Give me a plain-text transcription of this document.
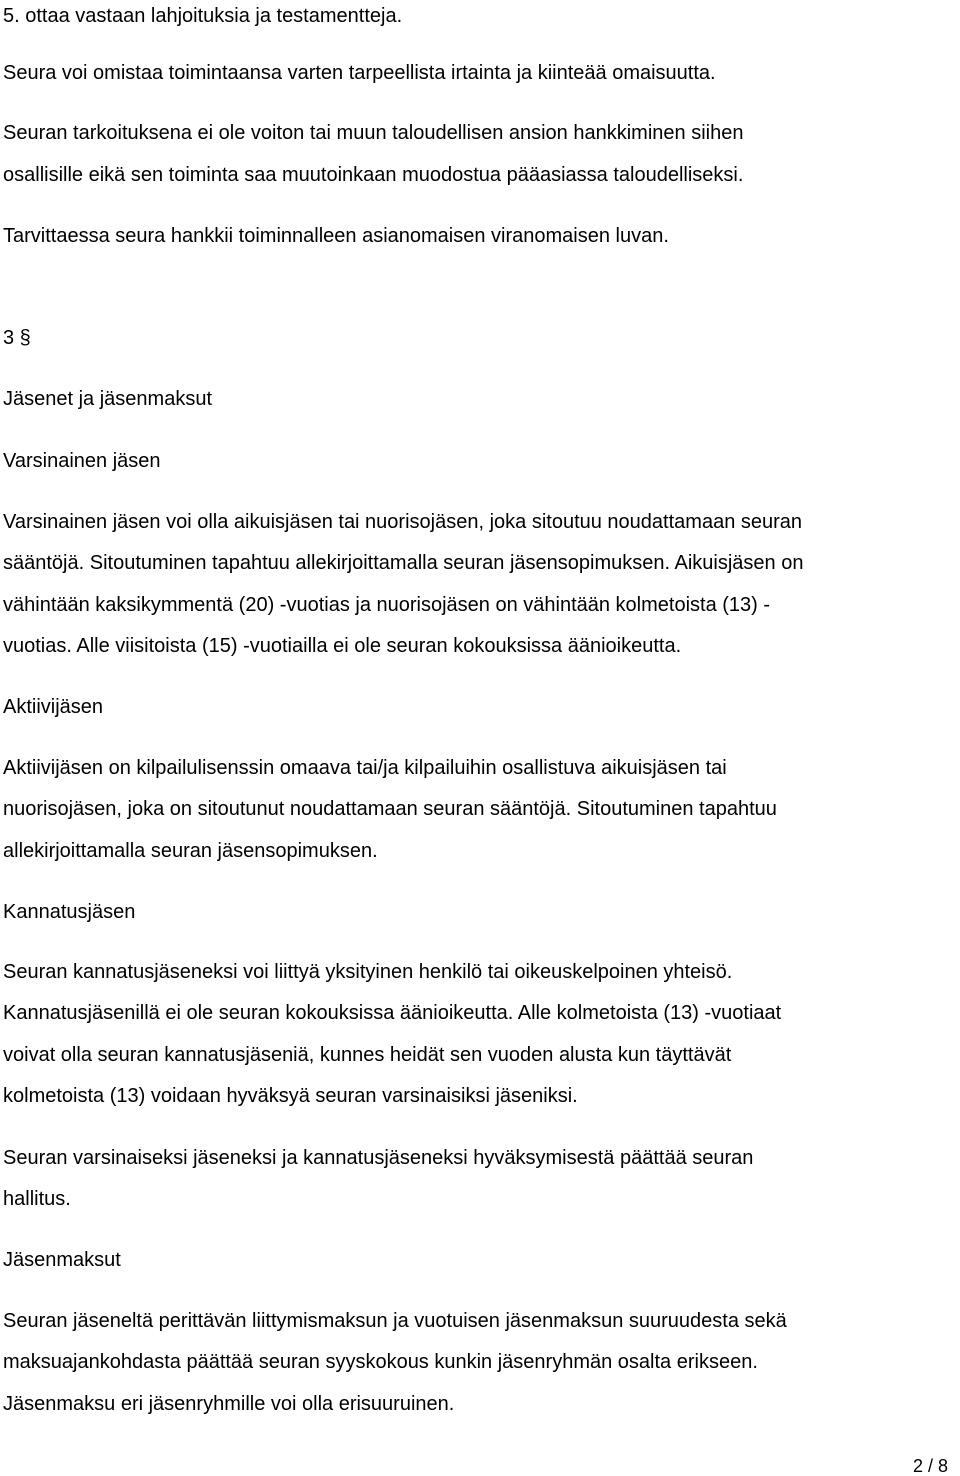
5. ottaa vastaan lahjoituksia ja testamentteja.
Seura voi omistaa toimintaansa varten tarpeellista irtainta ja kiinteää omaisuutta.
Seuran tarkoituksena ei ole voiton tai muun taloudellisen ansion hankkiminen siihen
osallisille eikä sen toiminta saa muutoinkaan muodostua pääasiassa taloudelliseksi.
Tarvittaessa seura hankkii toiminnalleen asianomaisen viranomaisen luvan.
3 §
Jäsenet ja jäsenmaksut
Varsinainen jäsen
Varsinainen jäsen voi olla aikuisjäsen tai nuorisojäsen, joka sitoutuu noudattamaan seuran
sääntöjä. Sitoutuminen tapahtuu allekirjoittamalla seuran jäsensopimuksen. Aikuisjäsen on
vähintään kaksikymmentä (20) -vuotias ja nuorisojäsen on vähintään kolmetoista (13) -
vuotias. Alle viisitoista (15) -vuotiailla ei ole seuran kokouksissa äänioikeutta.
Aktiivijäsen
Aktiivijäsen on kilpailulisenssin omaava tai/ja kilpailuihin osallistuva aikuisjäsen tai
nuorisojäsen, joka on sitoutunut noudattamaan seuran sääntöjä. Sitoutuminen tapahtuu
allekirjoittamalla seuran jäsensopimuksen.
Kannatusjäsen
Seuran kannatusjäseneksi voi liittyä yksityinen henkilö tai oikeuskelpoinen yhteisö.
Kannatusjäsenillä ei ole seuran kokouksissa äänioikeutta. Alle kolmetoista (13) -vuotiaat
voivat olla seuran kannatusjäseniä, kunnes heidät sen vuoden alusta kun täyttävät
kolmetoista (13) voidaan hyväksyä seuran varsinaisiksi jäseniksi.
Seuran varsinaiseksi jäseneksi ja kannatusjäseneksi hyväksymisestä päättää seuran
hallitus.
Jäsenmaksut
Seuran jäseneltä perittävän liittymismaksun ja vuotuisen jäsenmaksun suuruudesta sekä
maksuajankohdasta päättää seuran syyskokous kunkin jäsenryhmän osalta erikseen.
Jäsenmaksu eri jäsenryhmille voi olla erisuuruinen.
2 / 8
